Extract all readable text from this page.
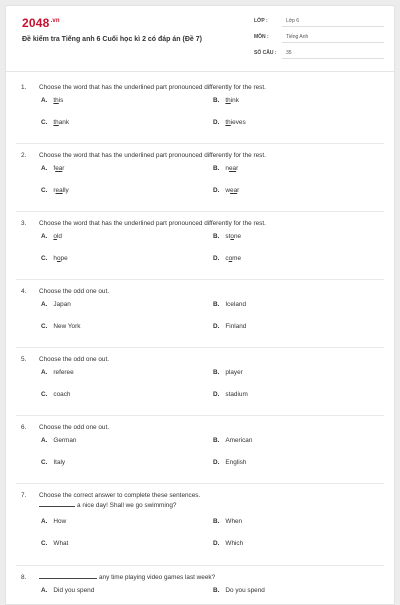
$2048^{.vn}$
Đề kiểm tra Tiếng anh 6 Cuối học kì 2 có đáp án (Đề 7)
LỚP :	Lớp 6
MÔN :	Tiếng Anh
SỐ CÂU : 35
1. Choose the word that has the underlined part pronounced differently for the rest.
A. this	B. think
C. thank	D. thieves
2. Choose the word that has the underlined part pronounced differently for the rest.
A. fear	B. near
C. really	D. wear
3. Choose the word that has the underlined part pronounced differently for the rest.
A. old	B. stone
C. hope	D. come
4. Choose the odd one out.
A. Japan	B. Iceland
C. New York	D. Finland
5. Choose the odd one out.
A. referee	B. player
C. coach	D. stadium
6. Choose the odd one out.
A. German	B. American
C. Italy	D. English
7. Choose the correct answer to complete these sentences.
a nice day! Shall we go swimming?
A. How	B. When
C. What	D. Which
8.	any time playing video games last week?
A. Did you spend	B. Do you spend
